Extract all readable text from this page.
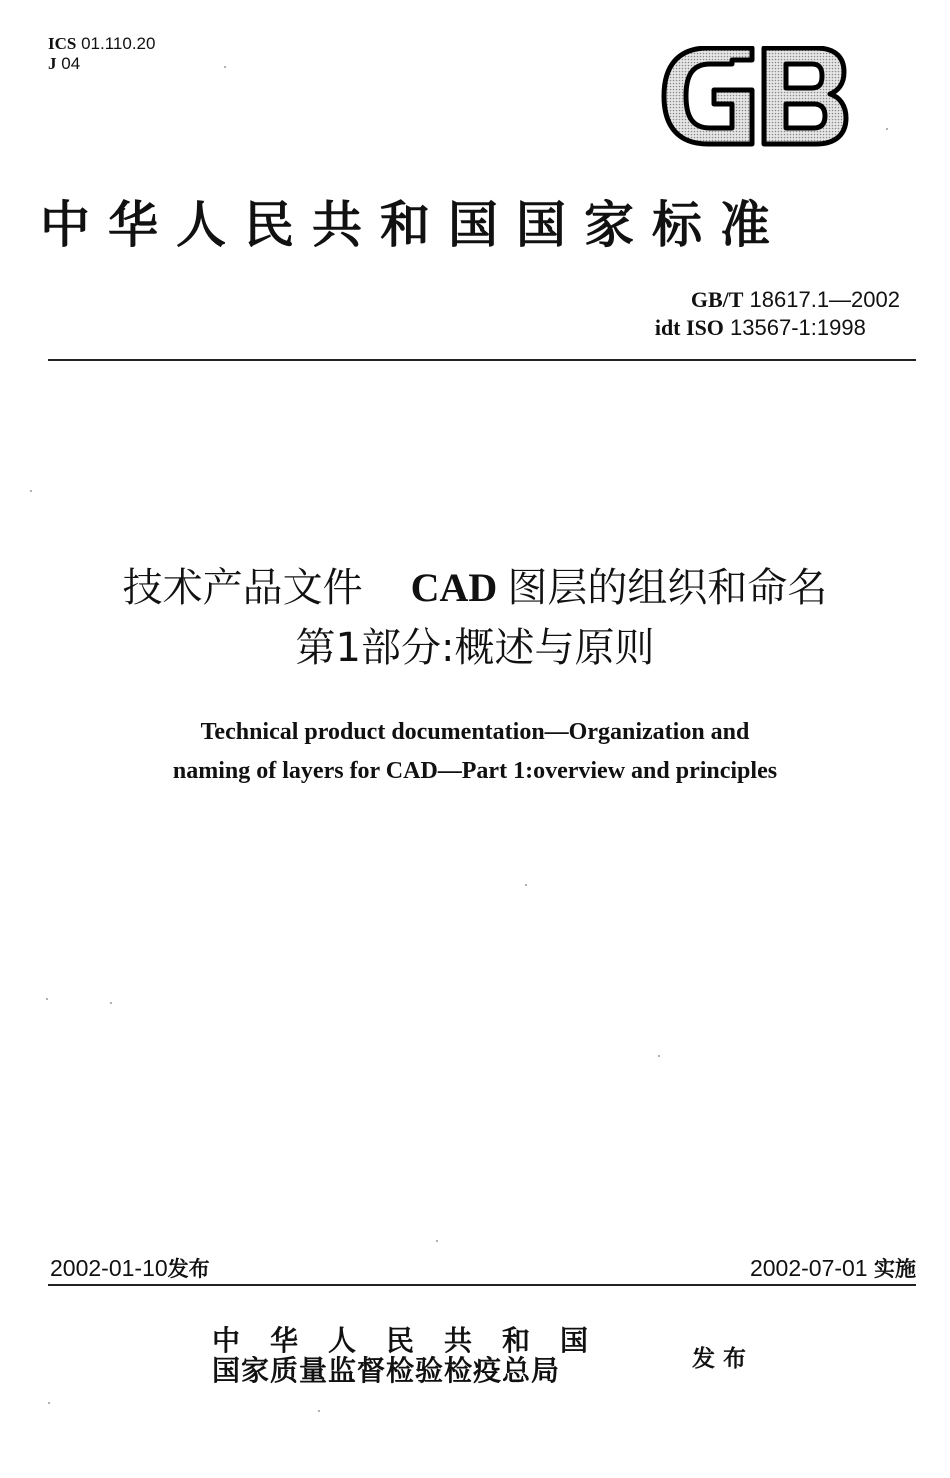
ICS 01.110.20
J 04
中华人民共和国国家标准
GB/T 18617.1—2002
idt ISO 13567-1:1998
技术产品文件 CAD 图层的组织和命名
第1部分:概述与原则
Technical product documentation—Organization and
naming of layers for CAD—Part 1:overview and principles
2002-01-10发布	2002-07-01 实施
中华人民共和国
国家质量监督检验检疫总局	发布
